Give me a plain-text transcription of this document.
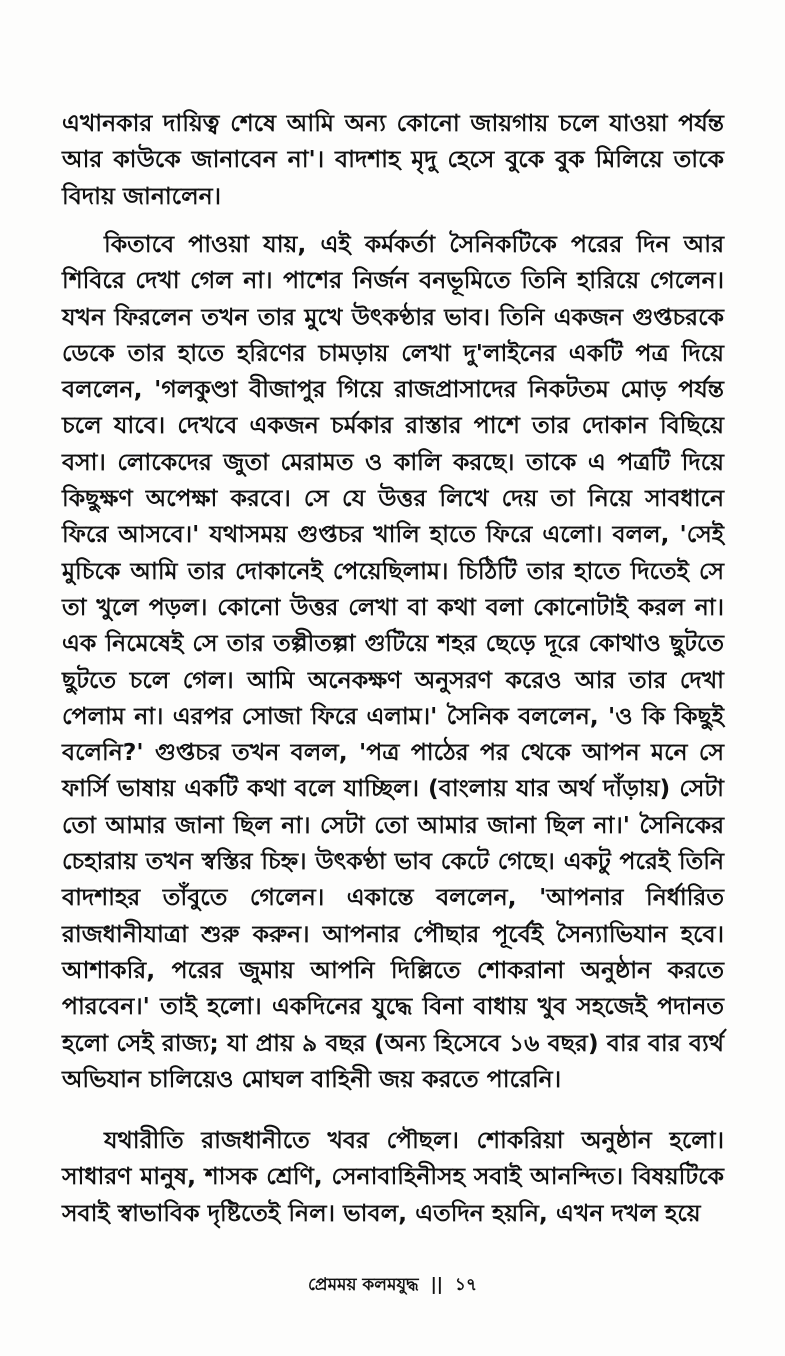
এখানকার দায়িত্ব শেষে আমি অন্য কোনো জায়গায় চলে যাওয়া পর্যন্ত আর কাউকে জানাবেন না'। বাদশাহ মৃদু হেসে বুকে বুক মিলিয়ে তাকে বিদায় জানালেন।

কিতাবে পাওয়া যায়, এই কর্মকর্তা সৈনিকটিকে পরের দিন আর শিবিরে দেখা গেল না। পাশের নির্জন বনভূমিতে তিনি হারিয়ে গেলেন। যখন ফিরলেন তখন তার মুখে উৎকণ্ঠার ভাব। তিনি একজন গুপ্তচরকে ডেকে তার হাতে হরিণের চামড়ায় লেখা দু'লাইনের একটি পত্র দিয়ে বললেন, 'গলকুণ্ডা বীজাপুর গিয়ে রাজপ্রাসাদের নিকটতম মোড় পর্যন্ত চলে যাবে। দেখবে একজন চর্মকার রাস্তার পাশে তার দোকান বিছিয়ে বসা। লোকেদের জুতা মেরামত ও কালি করছে। তাকে এ পত্রটি দিয়ে কিছুক্ষণ অপেক্ষা করবে। সে যে উত্তর লিখে দেয় তা নিয়ে সাবধানে ফিরে আসবে।' যথাসময় গুপ্তচর খালি হাতে ফিরে এলো। বলল, 'সেই মুচিকে আমি তার দোকানেই পেয়েছিলাম। চিঠিটি তার হাতে দিতেই সে তা খুলে পড়ল। কোনো উত্তর লেখা বা কথা বলা কোনোটাই করল না। এক নিমেষেই সে তার তল্পীতল্পা গুটিয়ে শহর ছেড়ে দূরে কোথাও ছুটতে ছুটতে চলে গেল। আমি অনেকক্ষণ অনুসরণ করেও আর তার দেখা পেলাম না। এরপর সোজা ফিরে এলাম।' সৈনিক বললেন, 'ও কি কিছুই বলেনি?' গুপ্তচর তখন বলল, 'পত্র পাঠের পর থেকে আপন মনে সে ফার্সি ভাষায় একটি কথা বলে যাচ্ছিল। (বাংলায় যার অর্থ দাঁড়ায়) সেটা তো আমার জানা ছিল না। সেটা তো আমার জানা ছিল না।' সৈনিকের চেহারায় তখন স্বস্তির চিহ্ন। উৎকণ্ঠা ভাব কেটে গেছে। একটু পরেই তিনি বাদশাহর তাঁবুতে গেলেন। একান্তে বললেন, 'আপনার নির্ধারিত রাজধানীযাত্রা শুরু করুন। আপনার পৌছার পূর্বেই সৈন্যাভিযান হবে। আশাকরি, পরের জুমায় আপনি দিল্লিতে শোকরানা অনুষ্ঠান করতে পারবেন।' তাই হলো। একদিনের যুদ্ধে বিনা বাধায় খুব সহজেই পদানত হলো সেই রাজ্য; যা প্রায় ৯ বছর (অন্য হিসেবে ১৬ বছর) বার বার ব্যর্থ অভিযান চালিয়েও মোঘল বাহিনী জয় করতে পারেনি।

যথারীতি রাজধানীতে খবর পৌছল। শোকরিয়া অনুষ্ঠান হলো। সাধারণ মানুষ, শাসক শ্রেণি, সেনাবাহিনীসহ সবাই আনন্দিত। বিষয়টিকে সবাই স্বাভাবিক দৃষ্টিতেই নিল। ভাবল, এতদিন হয়নি, এখন দখল হয়ে

প্রেমময় কলমযুদ্ধ || ১৭
